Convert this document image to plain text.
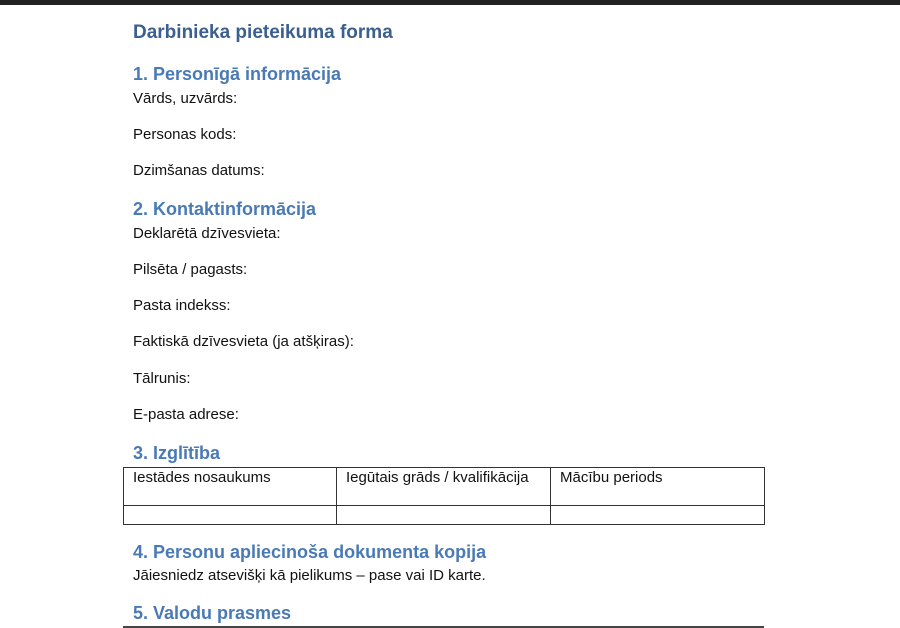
Darbinieka pieteikuma forma
1. Personīgā informācija

Vārds, uzvārds:

Personas kods:

Dzimšanas datums:

2. Kontaktinformācija

Deklarētā dzīvesvieta:

Pilsēta / pagasts:

Pasta indekss:

Faktiskā dzīvesvieta (ja atšķiras):

Tālrunis:

E-pasta adrese:

3. Izglītība
Iestādes nosaukums	Iegūtais grāds / kvalifikācija	Mācību periods

4. Personu apliecinoša dokumenta kopija

Jāiesniedz atsevišķi kā pielikums – pase vai ID karte.

5. Valodu prasmes
